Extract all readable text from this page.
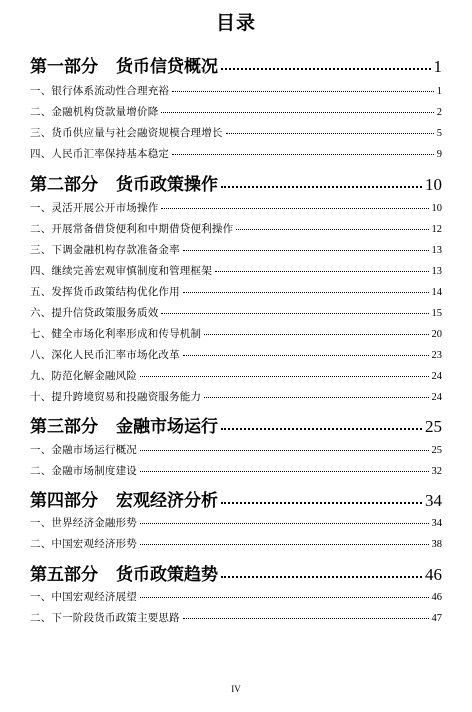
目录
第一部分 货币信贷概况	1
一、银行体系流动性合理充裕	1
二、金融机构贷款量增价降	2
三、货币供应量与社会融资规模合理增长	5
四、人民币汇率保持基本稳定	9
第二部分 货币政策操作	10
一、灵活开展公开市场操作	10
二、开展常备借贷便利和中期借贷便利操作	12
三、下调金融机构存款准备金率	13
四、继续完善宏观审慎制度和管理框架	13
五、发挥货币政策结构优化作用	14
六、提升信贷政策服务质效	15
七、健全市场化利率形成和传导机制	20
八、深化人民币汇率市场化改革	23
九、防范化解金融风险	24
十、提升跨境贸易和投融资服务能力	24
第三部分 金融市场运行	25
一、金融市场运行概况	25
二、金融市场制度建设	32
第四部分 宏观经济分析	34
一、世界经济金融形势	34
二、中国宏观经济形势	38
第五部分 货币政策趋势	46
一、中国宏观经济展望	46
二、下一阶段货币政策主要思路	47
IV
